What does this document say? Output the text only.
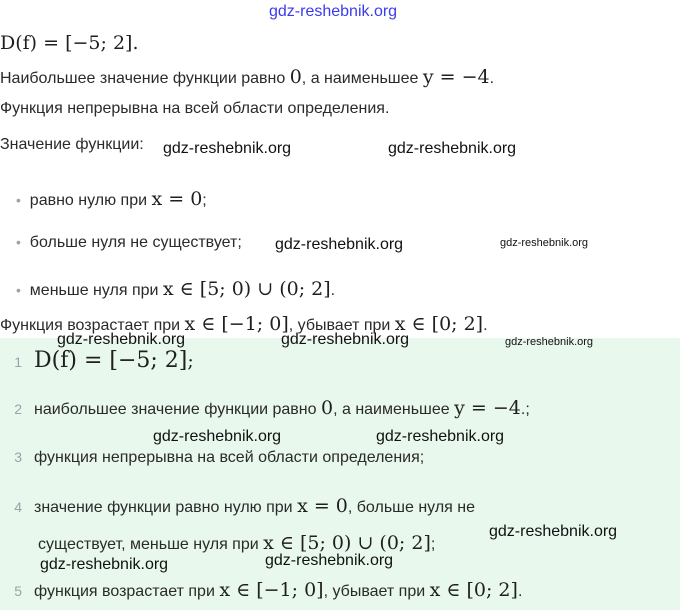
gdz-reshebnik.org
D(f) = [−5; 2].
Наибольшее значение функции равно 0, а наименьшее y = −4.
Функция непрерывна на всей области определения.
Значение функции: gdz-reshebnik.org	gdz-reshebnik.org
• равно нулю при x = 0;
• больше нуля не существует; gdz-reshebnik.org	gdz-reshebnik.org
• меньше нуля при x ∈ [5; 0) ∪ (0; 2].
Функция возрастает при x ∈ [−1; 0], убывает при x ∈ [0; 2].
gdz-reshebnik.org	gdz-reshebnik.org	gdz-reshebnik.org
1 D(f) = [−5; 2];
2 наибольшее значение функции равно 0, а наименьшее y = −4.;
gdz-reshebnik.org	gdz-reshebnik.org
3 функция непрерывна на всей области определения;
4 значение функции равно нулю при x = 0, больше нуля не
существует, меньше нуля при x ∈ [5; 0) ∪ (0; 2];
gdz-reshebnik.org
gdz-reshebnik.org	gdz-reshebnik.org
5 функция возрастает при x ∈ [−1; 0], убывает при x ∈ [0; 2].
